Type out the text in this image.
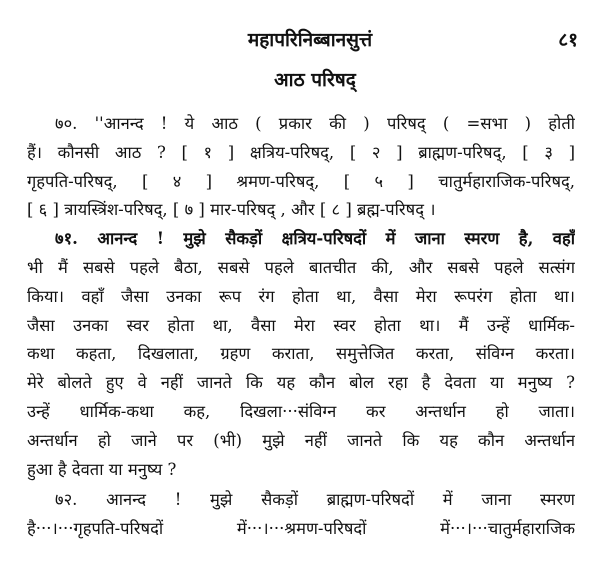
महापरिनिब्बानसुत्तं	८१
आठ परिषद्
७०. ''आनन्द ! ये आठ ( प्रकार की ) परिषद् ( =सभा ) होती
हैं। कौनसी आठ ? [ १ ] क्षत्रिय-परिषद्, [ २ ] ब्राह्मण-परिषद्, [ ३ ]
गृहपति-परिषद्, [ ४ ] श्रमण-परिषद्, [ ५ ] चातुर्महाराजिक-परिषद्,
[ ६ ] त्रायस्त्रिंश-परिषद्, [ ७ ] मार-परिषद् , और [ ८ ] ब्रह्म-परिषद् ।
७१. आनन्द ! मुझे सैकड़ों क्षत्रिय-परिषदों में जाना स्मरण है, वहाँ
भी मैं सबसे पहले बैठा, सबसे पहले बातचीत की, और सबसे पहले सत्संग
किया। वहाँ जैसा उनका रूप रंग होता था, वैसा मेरा रूपरंग होता था।
जैसा उनका स्वर होता था, वैसा मेरा स्वर होता था। मैं उन्हें धार्मिक-
कथा कहता, दिखलाता, ग्रहण कराता, समुत्तेजित करता, संविग्न करता।
मेरे बोलते हुए वे नहीं जानते कि यह कौन बोल रहा है देवता या मनुष्य ?
उन्हें धार्मिक-कथा कह, दिखला···संविग्न कर अन्तर्धान हो जाता।
अन्तर्धान हो जाने पर (भी) मुझे नहीं जानते कि यह कौन अन्तर्धान
हुआ है देवता या मनुष्य ?
७२. आनन्द ! मुझे सैकड़ों ब्राह्मण-परिषदों में जाना स्मरण
है···।···गृहपति-परिषदों में···।···श्रमण-परिषदों में···।···चातुर्महाराजिक
